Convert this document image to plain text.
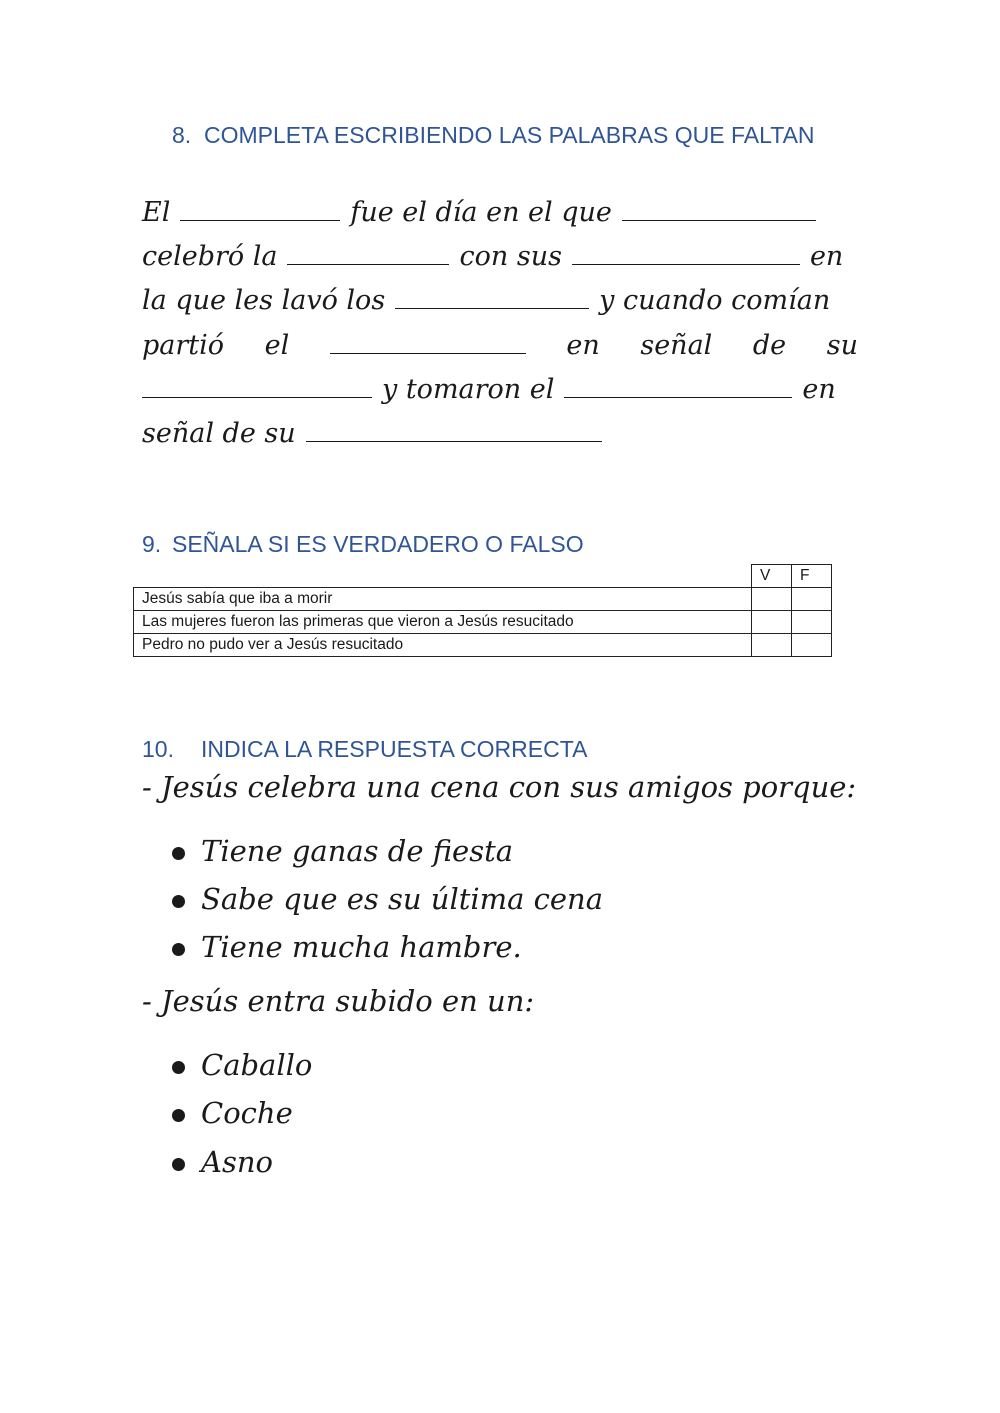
8. COMPLETA ESCRIBIENDO LAS PALABRAS QUE FALTAN
El	fue el día en el que
celebró la	con sus	en
la que les lavó los	y cuando comían
partió el	en señal de su
y tomaron el	en
señal de su
9. SEÑALA SI ES VERDADERO O FALSO
	V	F
Jesús sabía que iba a morir		
Las mujeres fueron las primeras que vieron a Jesús resucitado		
Pedro no pudo ver a Jesús resucitado		
10. INDICA LA RESPUESTA CORRECTA
- Jesús celebra una cena con sus amigos porque:
Tiene ganas de fiesta
Sabe que es su última cena
Tiene mucha hambre.
- Jesús entra subido en un:
Caballo
Coche
Asno
